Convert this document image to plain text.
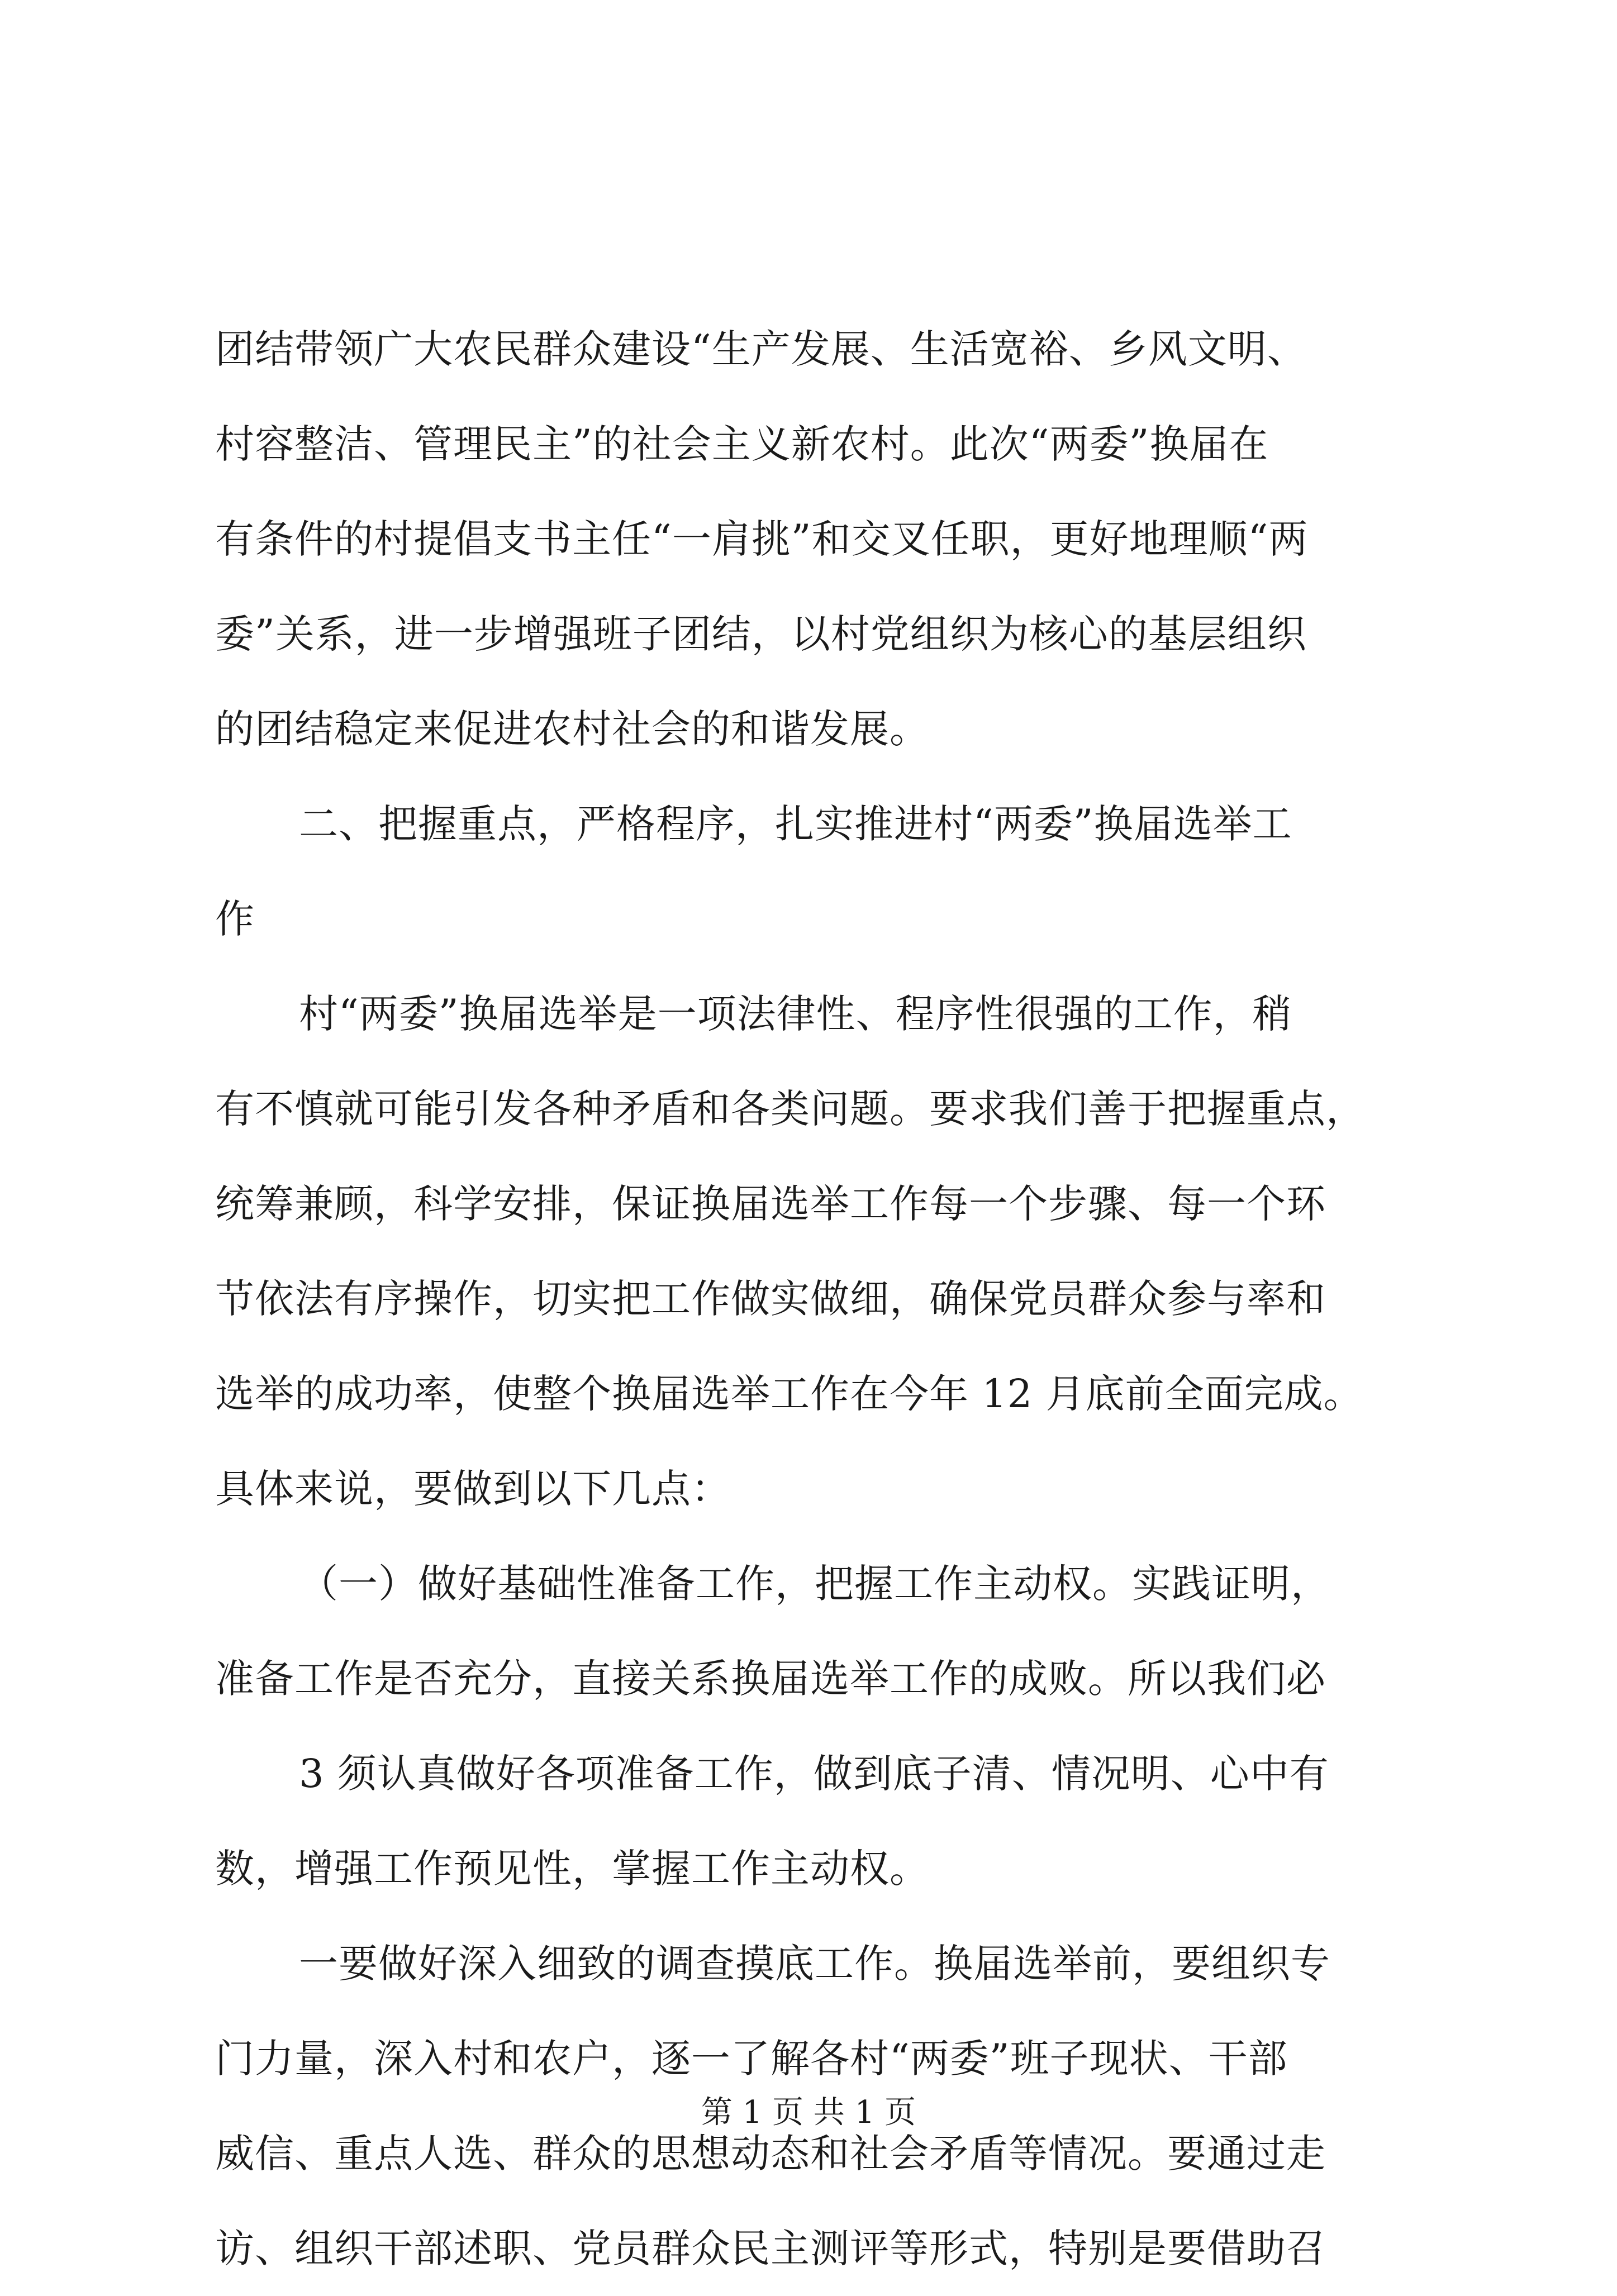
团结带领广大农民群众建设“生产发展、生活宽裕、乡风文明、
村容整洁、管理民主”的社会主义新农村。此次“两委”换届在
有条件的村提倡支书主任“一肩挑”和交叉任职，更好地理顺“两
委”关系，进一步增强班子团结，以村党组织为核心的基层组织
的团结稳定来促进农村社会的和谐发展。
二、把握重点，严格程序，扎实推进村“两委”换届选举工
作
村“两委”换届选举是一项法律性、程序性很强的工作，稍
有不慎就可能引发各种矛盾和各类问题。要求我们善于把握重点，
统筹兼顾，科学安排，保证换届选举工作每一个步骤、每一个环
节依法有序操作，切实把工作做实做细，确保党员群众参与率和
选举的成功率，使整个换届选举工作在今年 12 月底前全面完成。
具体来说，要做到以下几点：
（一）做好基础性准备工作，把握工作主动权。实践证明，
准备工作是否充分，直接关系换届选举工作的成败。所以我们必
3 须认真做好各项准备工作，做到底子清、情况明、心中有
数，增强工作预见性，掌握工作主动权。
一要做好深入细致的调查摸底工作。换届选举前，要组织专
门力量，深入村和农户，逐一了解各村“两委”班子现状、干部
威信、重点人选、群众的思想动态和社会矛盾等情况。要通过走
访、组织干部述职、党员群众民主测评等形式，特别是要借助召
第 1 页 共 1 页
